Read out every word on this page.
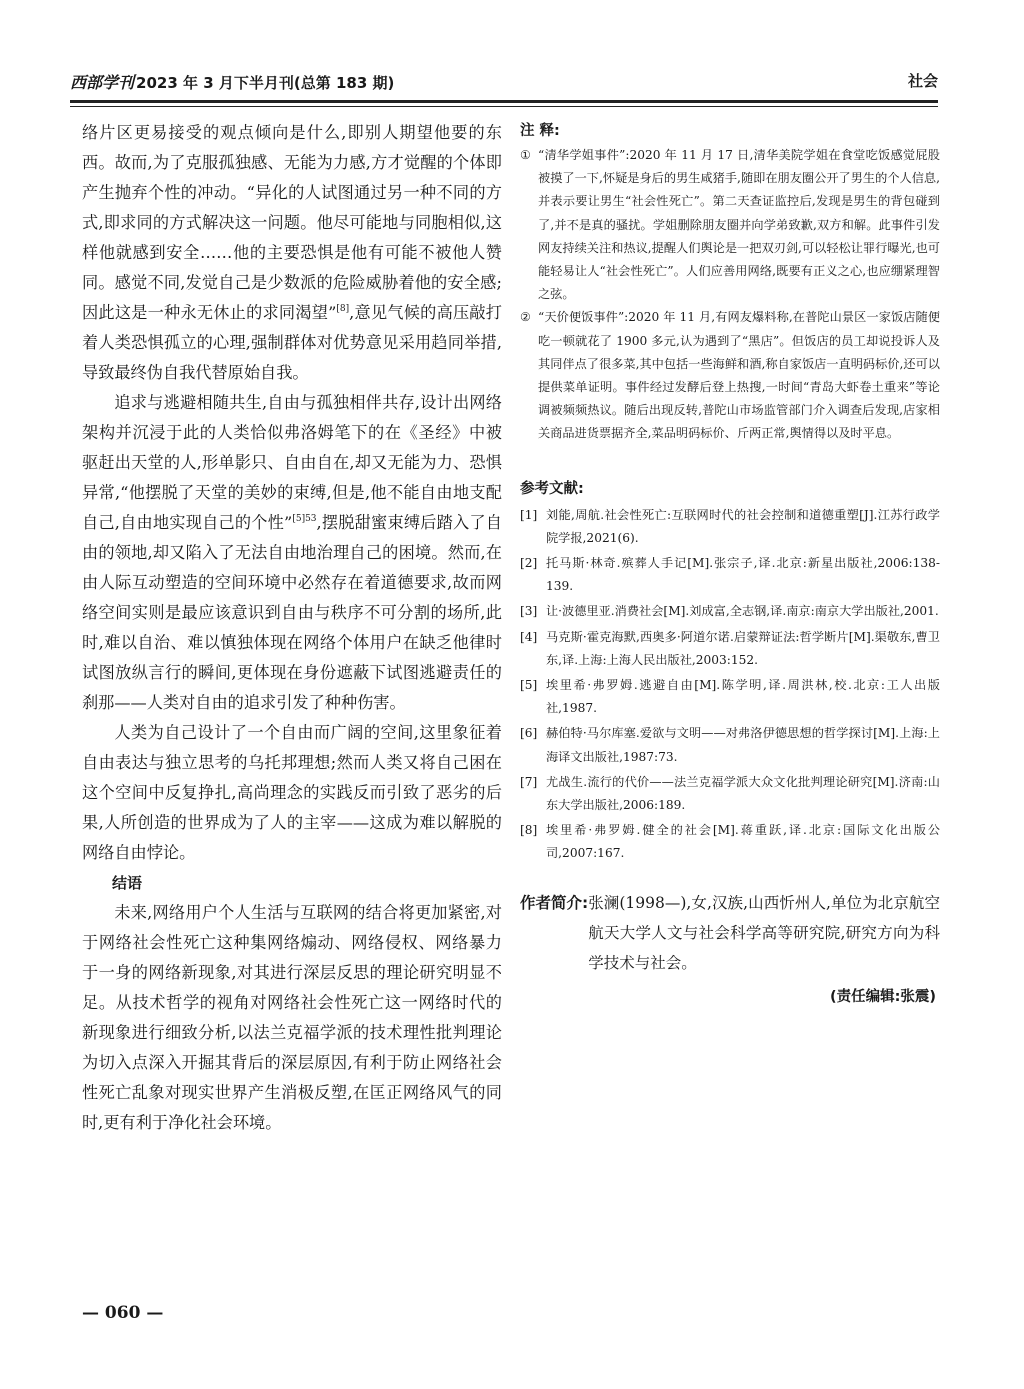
西部学刊 2023 年 3 月下半月刊(总第 183 期)	社会

络片区更易接受的观点倾向是什么,即别人期望他要的东西。故而,为了克服孤独感、无能为力感,方才觉醒的个体即产生抛弃个性的冲动。“异化的人试图通过另一种不同的方式,即求同的方式解决这一问题。他尽可能地与同胞相似,这样他就感到安全……他的主要恐惧是他有可能不被他人赞同。感觉不同,发觉自己是少数派的危险威胁着他的安全感;因此这是一种永无休止的求同渴望”[8],意见气候的高压敲打着人类恐惧孤立的心理,强制群体对优势意见采用趋同举措,导致最终伪自我代替原始自我。

追求与逃避相随共生,自由与孤独相伴共存,设计出网络架构并沉浸于此的人类恰似弗洛姆笔下的在《圣经》中被驱赶出天堂的人,形单影只、自由自在,却又无能为力、恐惧异常,“他摆脱了天堂的美妙的束缚,但是,他不能自由地支配自己,自由地实现自己的个性”$^{[5]53}$,摆脱甜蜜束缚后踏入了自由的领地,却又陷入了无法自由地治理自己的困境。然而,在由人际互动塑造的空间环境中必然存在着道德要求,故而网络空间实则是最应该意识到自由与秩序不可分割的场所,此时,难以自治、难以慎独体现在网络个体用户在缺乏他律时试图放纵言行的瞬间,更体现在身份遮蔽下试图逃避责任的刹那——人类对自由的追求引发了种种伤害。

人类为自己设计了一个自由而广阔的空间,这里象征着自由表达与独立思考的乌托邦理想;然而人类又将自己困在这个空间中反复挣扎,高尚理念的实践反而引致了恶劣的后果,人所创造的世界成为了人的主宰——这成为难以解脱的网络自由悖论。

结语

未来,网络用户个人生活与互联网的结合将更加紧密,对于网络社会性死亡这种集网络煽动、网络侵权、网络暴力于一身的网络新现象,对其进行深层反思的理论研究明显不足。从技术哲学的视角对网络社会性死亡这一网络时代的新现象进行细致分析,以法兰克福学派的技术理性批判理论为切入点深入开掘其背后的深层原因,有利于防止网络社会性死亡乱象对现实世界产生消极反塑,在匡正网络风气的同时,更有利于净化社会环境。

注 释:
① “清华学姐事件”:2020 年 11 月 17 日,清华美院学姐在食堂吃饭感觉屁股被摸了一下,怀疑是身后的男生咸猪手,随即在朋友圈公开了男生的个人信息,并表示要让男生“社会性死亡”。第二天查证监控后,发现是男生的背包碰到了,并不是真的骚扰。学姐删除朋友圈并向学弟致歉,双方和解。此事件引发网友持续关注和热议,提醒人们舆论是一把双刃剑,可以轻松让罪行曝光,也可能轻易让人“社会性死亡”。人们应善用网络,既要有正义之心,也应绷紧理智之弦。
② “天价便饭事件”:2020 年 11 月,有网友爆料称,在普陀山景区一家饭店随便吃一顿就花了 1900 多元,认为遇到了“黑店”。但饭店的员工却说投诉人及其同伴点了很多菜,其中包括一些海鲜和酒,称自家饭店一直明码标价,还可以提供菜单证明。事件经过发酵后登上热搜,一时间“青岛大虾卷土重来”等论调被频频热议。随后出现反转,普陀山市场监管部门介入调查后发现,店家相关商品进货票据齐全,菜品明码标价、斤两正常,舆情得以及时平息。
参考文献:
[1] 刘能,周航.社会性死亡:互联网时代的社会控制和道德重塑[J].江苏行政学院学报,2021(6).
[2] 托马斯·林奇.殡葬人手记[M].张宗子,译.北京:新星出版社,2006:138-139.
[3] 让·波德里亚.消费社会[M].刘成富,全志钢,译.南京:南京大学出版社,2001.
[4] 马克斯·霍克海默,西奥多·阿道尔诺.启蒙辩证法:哲学断片[M].渠敬东,曹卫东,译.上海:上海人民出版社,2003:152.
[5] 埃里希·弗罗姆.逃避自由[M].陈学明,译.周洪林,校.北京:工人出版社,1987.
[6] 赫伯特·马尔库塞.爱欲与文明——对弗洛伊德思想的哲学探讨[M].上海:上海译文出版社,1987:73.
[7] 尤战生.流行的代价——法兰克福学派大众文化批判理论研究[M].济南:山东大学出版社,2006:189.
[8] 埃里希·弗罗姆.健全的社会[M].蒋重跃,译.北京:国际文化出版公司,2007:167.
作者简介: 张澜(1998—),女,汉族,山西忻州人,单位为北京航空航天大学人文与社会科学高等研究院,研究方向为科学技术与社会。
(责任编辑:张震)
— 060 —
